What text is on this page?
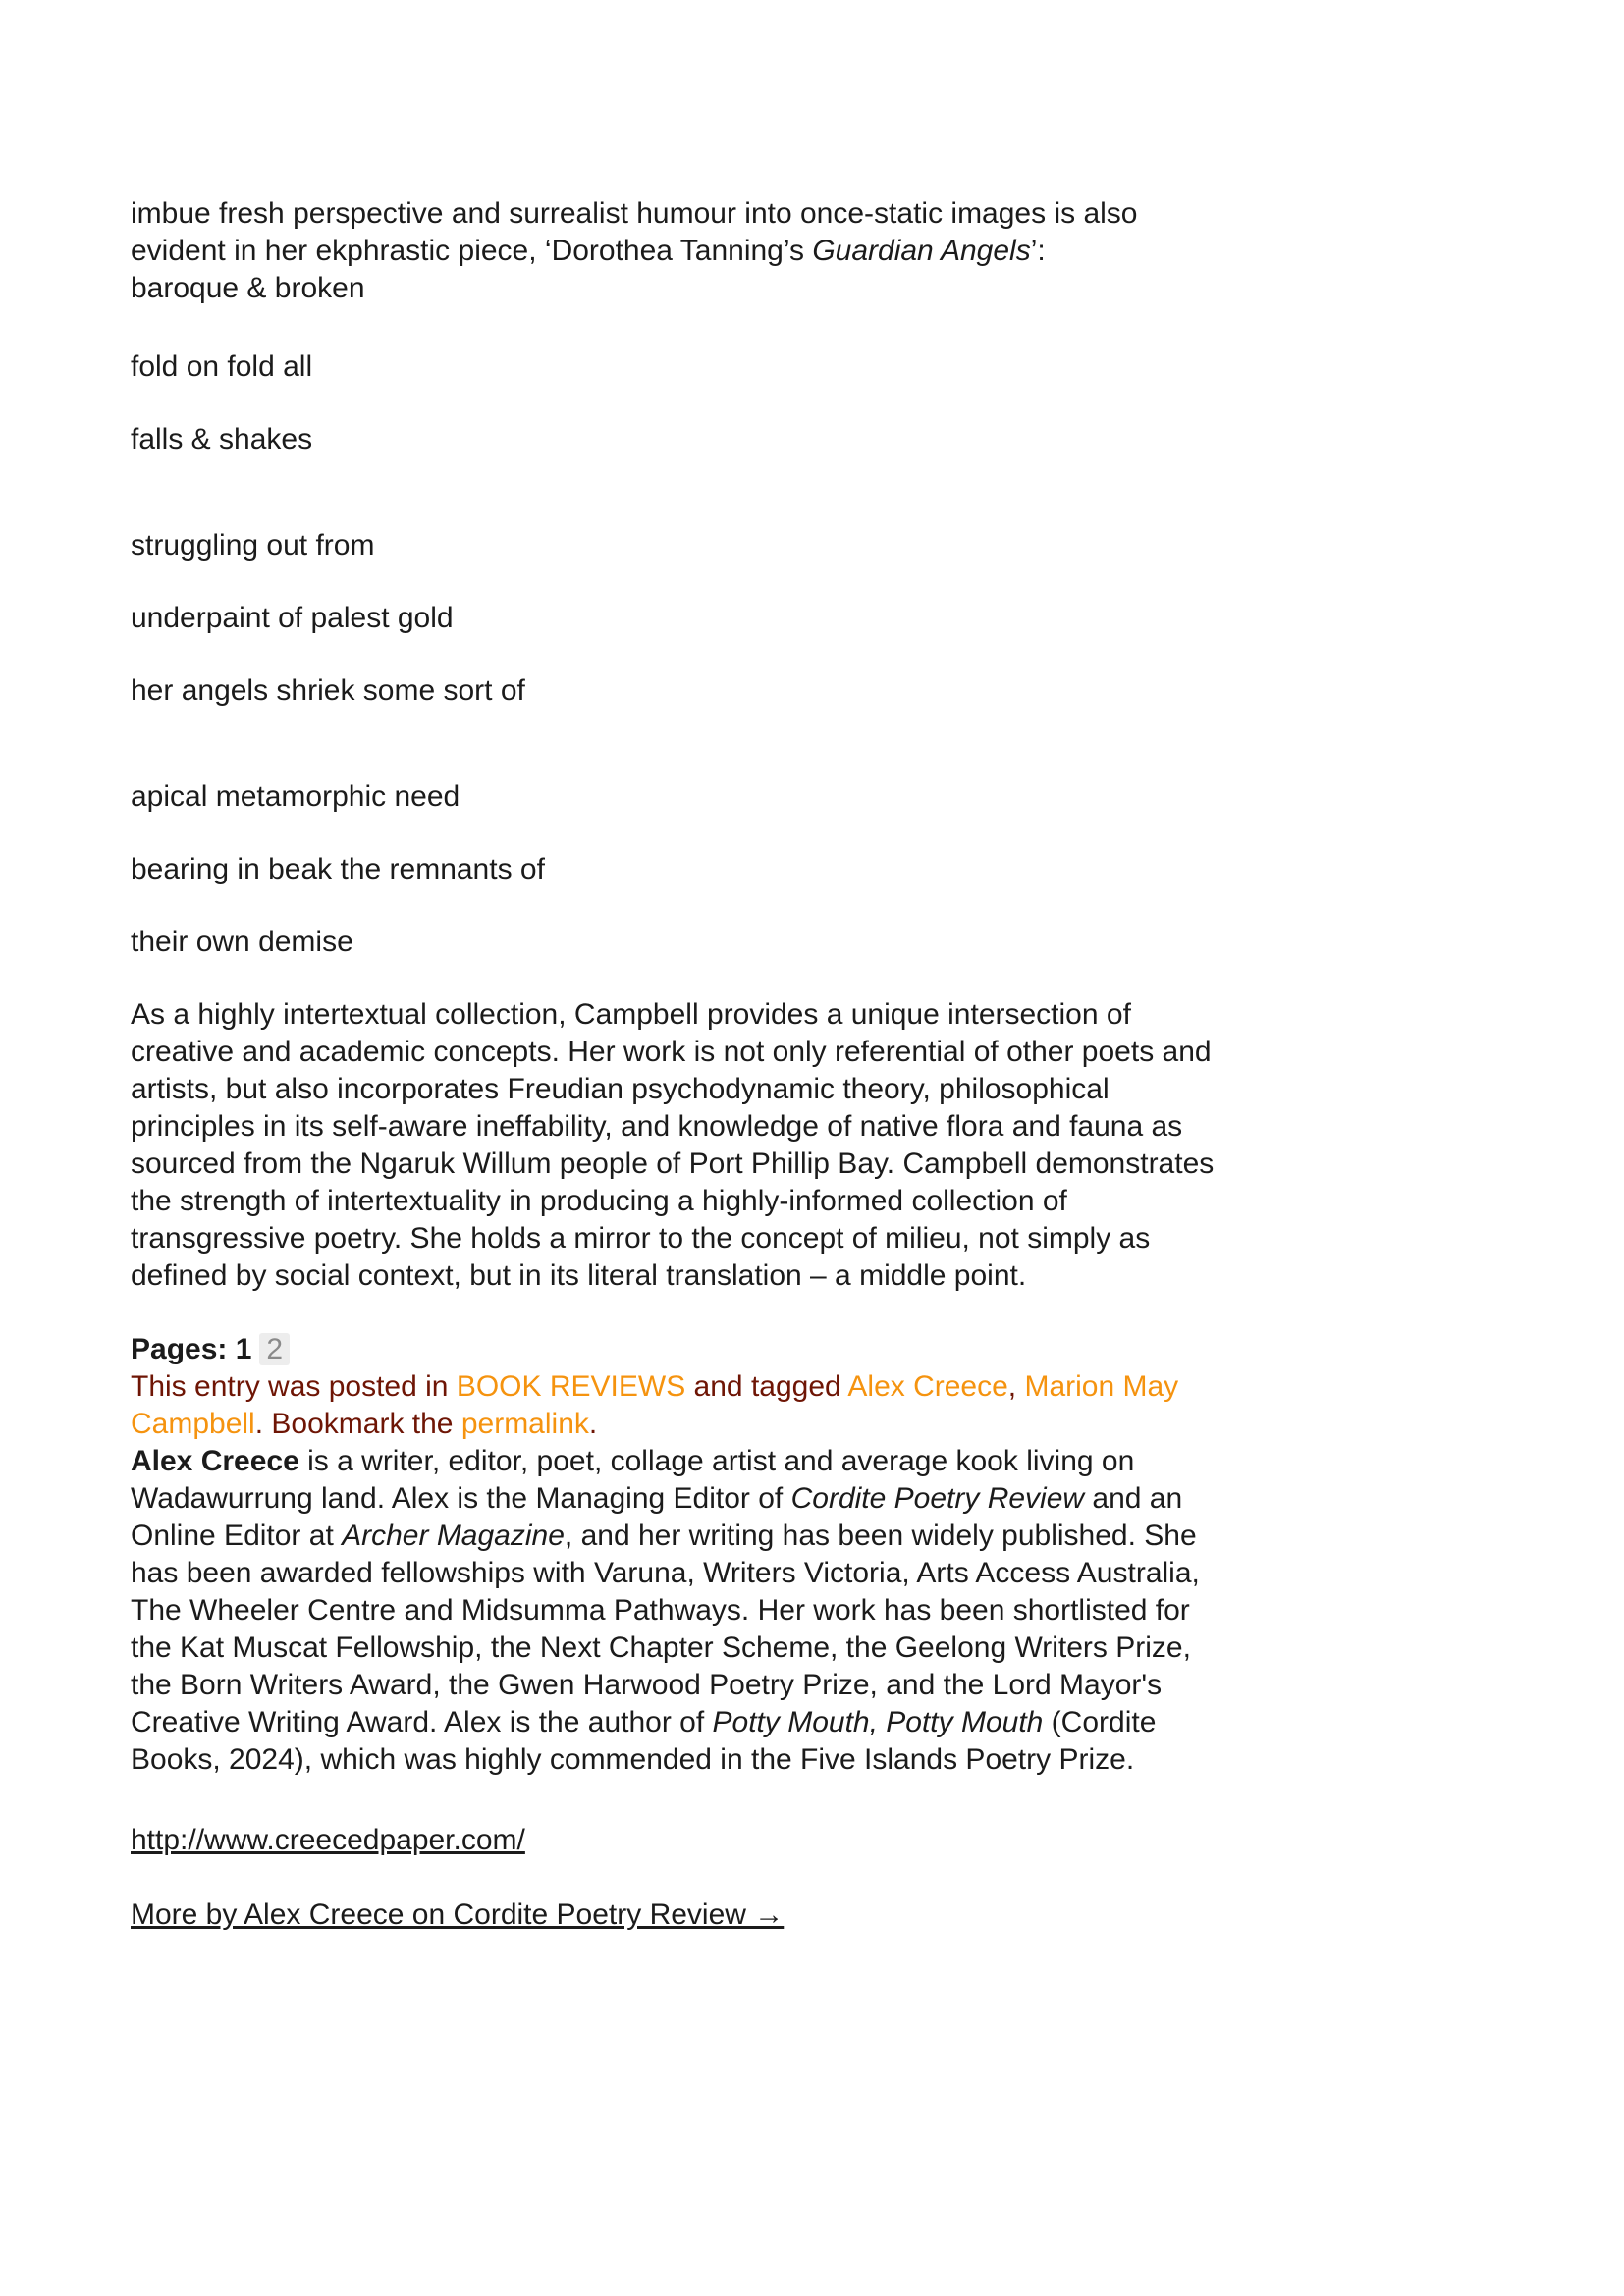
imbue fresh perspective and surrealist humour into once-static images is also
evident in her ekphrastic piece, ‘Dorothea Tanning’s Guardian Angels’:
baroque & broken
fold on fold all
falls & shakes
struggling out from
underpaint of palest gold
her angels shriek some sort of
apical metamorphic need
bearing in beak the remnants of
their own demise
As a highly intertextual collection, Campbell provides a unique intersection of
creative and academic concepts. Her work is not only referential of other poets and
artists, but also incorporates Freudian psychodynamic theory, philosophical
principles in its self-aware ineffability, and knowledge of native flora and fauna as
sourced from the Ngaruk Willum people of Port Phillip Bay. Campbell demonstrates
the strength of intertextuality in producing a highly-informed collection of
transgressive poetry. She holds a mirror to the concept of milieu, not simply as
defined by social context, but in its literal translation – a middle point.
Pages: 1 2
This entry was posted in BOOK REVIEWS and tagged Alex Creece, Marion May
Campbell. Bookmark the permalink.
Alex Creece is a writer, editor, poet, collage artist and average kook living on
Wadawurrung land. Alex is the Managing Editor of Cordite Poetry Review and an
Online Editor at Archer Magazine, and her writing has been widely published. She
has been awarded fellowships with Varuna, Writers Victoria, Arts Access Australia,
The Wheeler Centre and Midsumma Pathways. Her work has been shortlisted for
the Kat Muscat Fellowship, the Next Chapter Scheme, the Geelong Writers Prize,
the Born Writers Award, the Gwen Harwood Poetry Prize, and the Lord Mayor's
Creative Writing Award. Alex is the author of Potty Mouth, Potty Mouth (Cordite
Books, 2024), which was highly commended in the Five Islands Poetry Prize.
http://www.creecedpaper.com/
More by Alex Creece on Cordite Poetry Review →
